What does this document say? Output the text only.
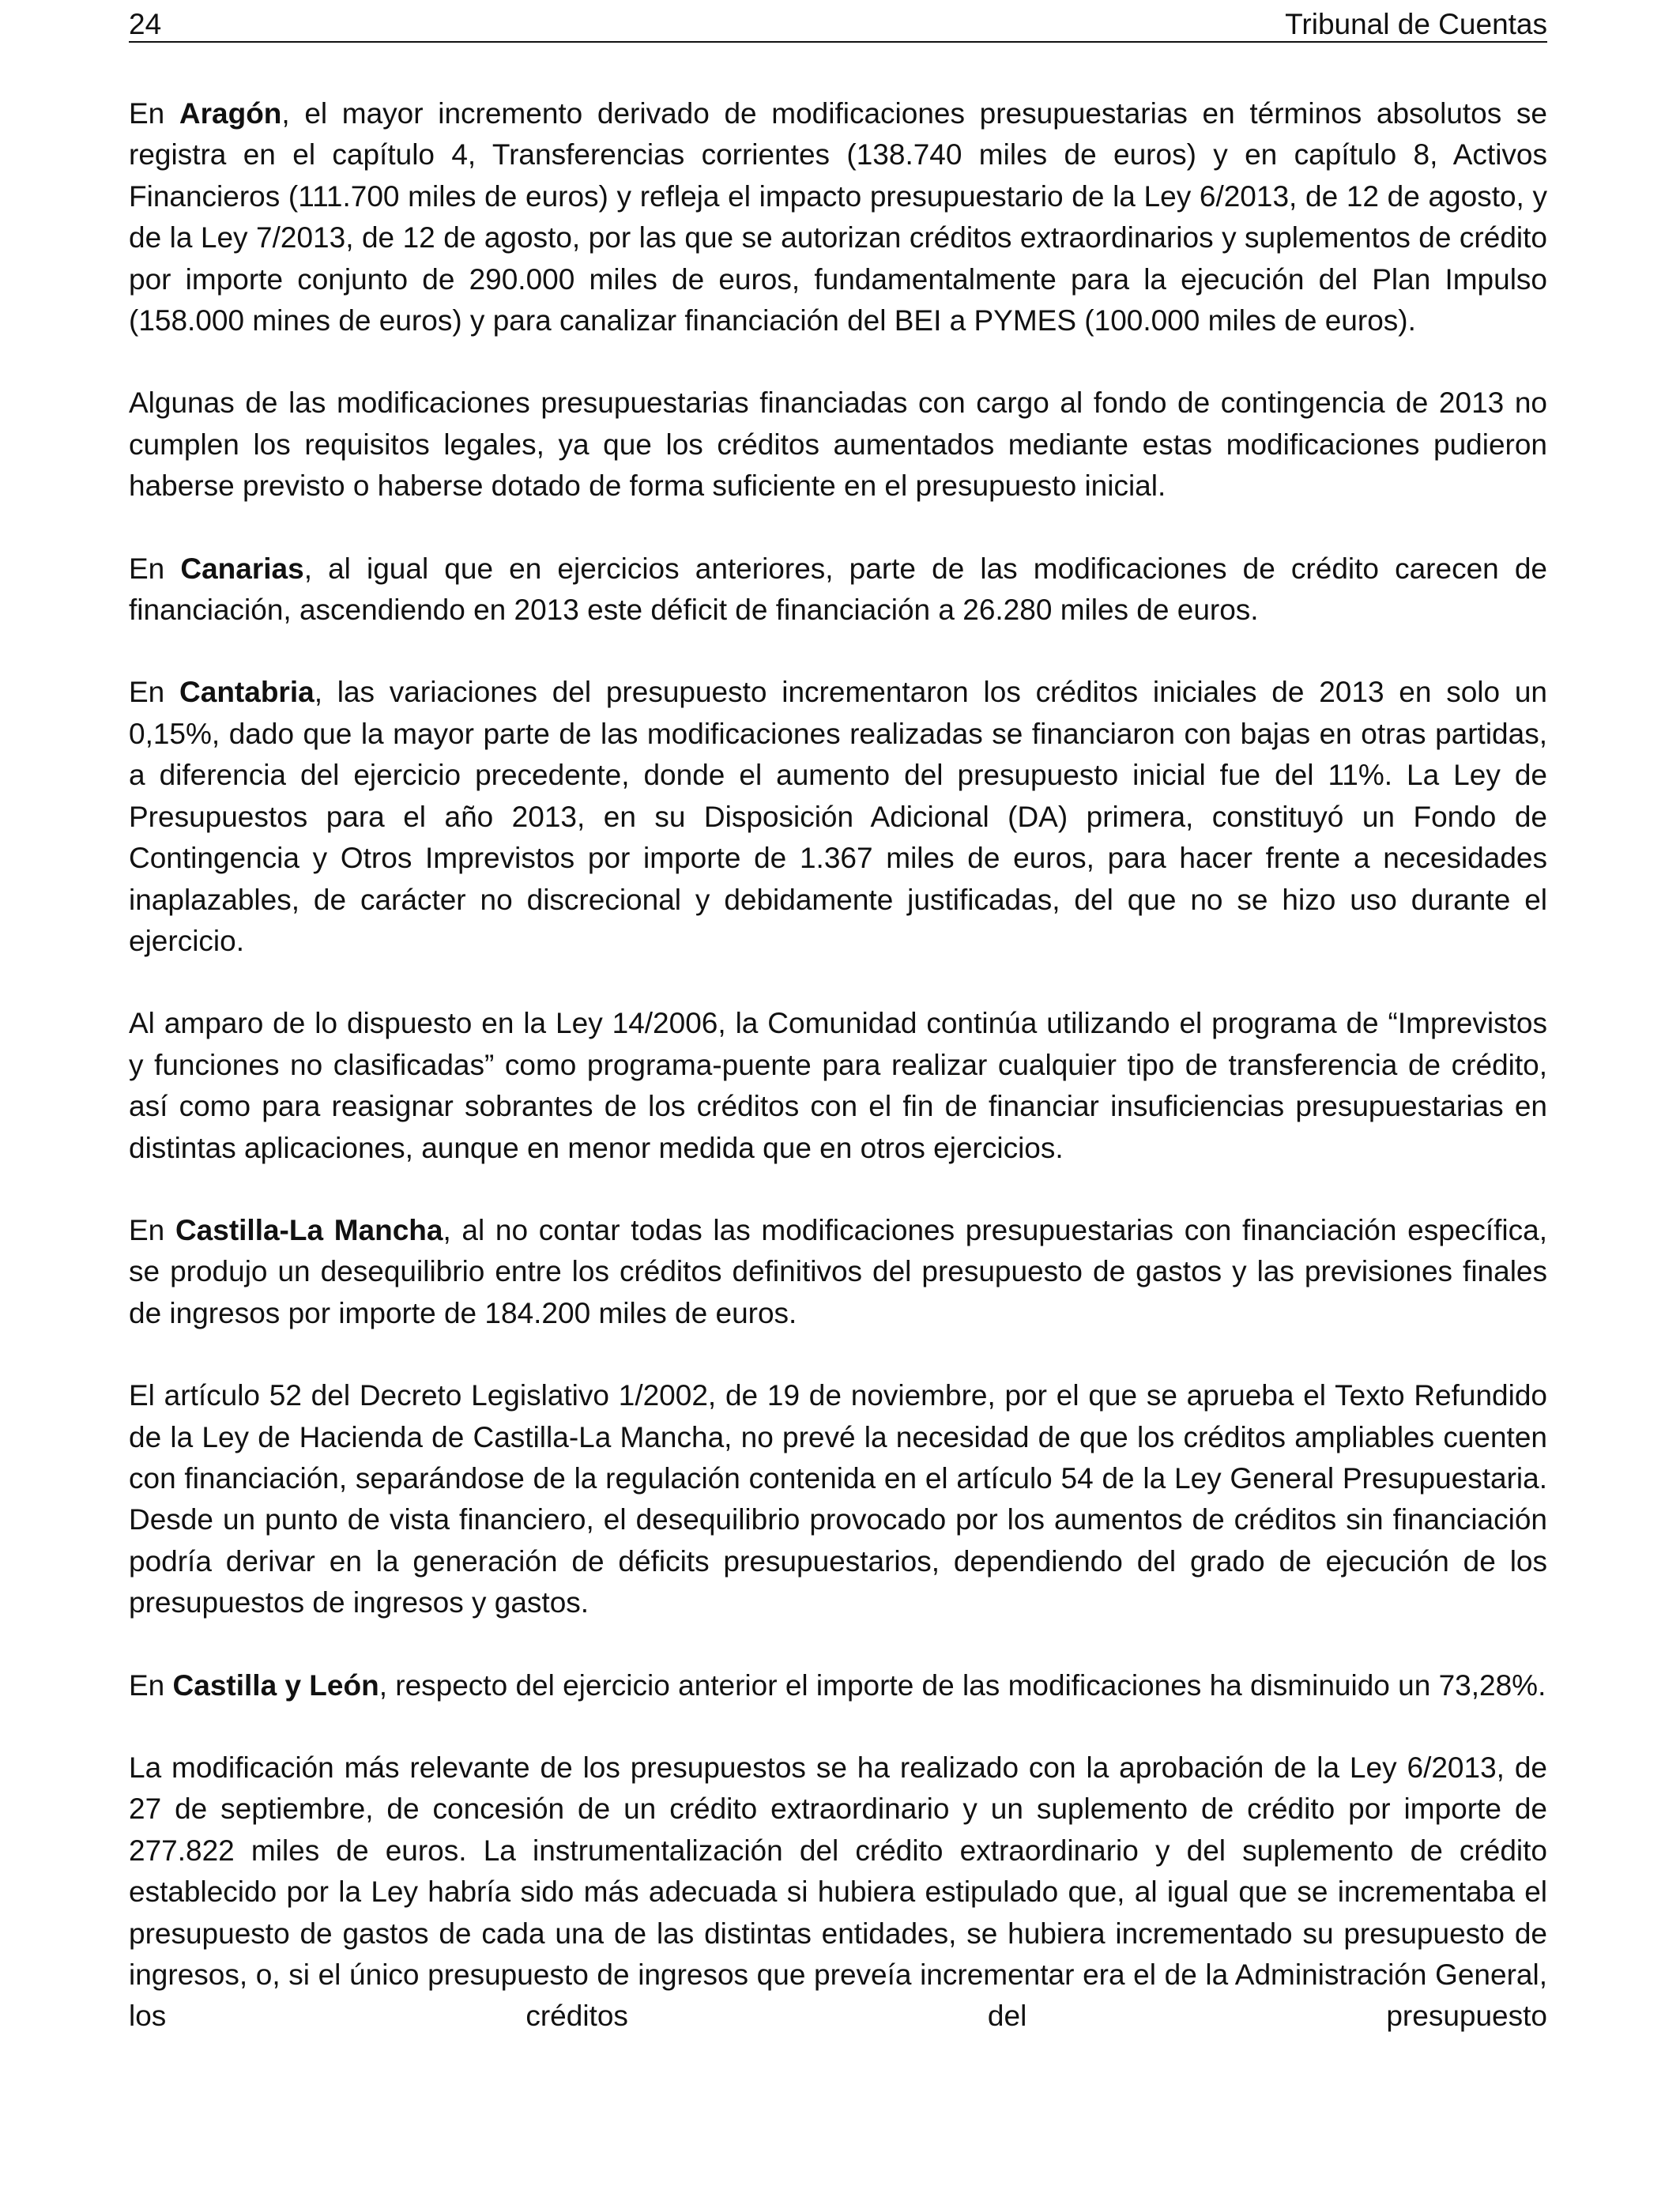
24	Tribunal de Cuentas

En Aragón, el mayor incremento derivado de modificaciones presupuestarias en términos absolutos se registra en el capítulo 4, Transferencias corrientes (138.740 miles de euros) y en capítulo 8, Activos Financieros (111.700 miles de euros) y refleja el impacto presupuestario de la Ley 6/2013, de 12 de agosto, y de la Ley 7/2013, de 12 de agosto, por las que se autorizan créditos extraordinarios y suplementos de crédito por importe conjunto de 290.000 miles de euros, fundamentalmente para la ejecución del Plan Impulso (158.000 mines de euros) y para canalizar financiación del BEI a PYMES (100.000 miles de euros).

Algunas de las modificaciones presupuestarias financiadas con cargo al fondo de contingencia de 2013 no cumplen los requisitos legales, ya que los créditos aumentados mediante estas modificaciones pudieron haberse previsto o haberse dotado de forma suficiente en el presupuesto inicial.

En Canarias, al igual que en ejercicios anteriores, parte de las modificaciones de crédito carecen de financiación, ascendiendo en 2013 este déficit de financiación a 26.280 miles de euros.

En Cantabria, las variaciones del presupuesto incrementaron los créditos iniciales de 2013 en solo un 0,15%, dado que la mayor parte de las modificaciones realizadas se financiaron con bajas en otras partidas, a diferencia del ejercicio precedente, donde el aumento del presupuesto inicial fue del 11%. La Ley de Presupuestos para el año 2013, en su Disposición Adicional (DA) primera, constituyó un Fondo de Contingencia y Otros Imprevistos por importe de 1.367 miles de euros, para hacer frente a necesidades inaplazables, de carácter no discrecional y debidamente justificadas, del que no se hizo uso durante el ejercicio.

Al amparo de lo dispuesto en la Ley 14/2006, la Comunidad continúa utilizando el programa de “Imprevistos y funciones no clasificadas” como programa-puente para realizar cualquier tipo de transferencia de crédito, así como para reasignar sobrantes de los créditos con el fin de financiar insuficiencias presupuestarias en distintas aplicaciones, aunque en menor medida que en otros ejercicios.

En Castilla-La Mancha, al no contar todas las modificaciones presupuestarias con financiación específica, se produjo un desequilibrio entre los créditos definitivos del presupuesto de gastos y las previsiones finales de ingresos por importe de 184.200 miles de euros.

El artículo 52 del Decreto Legislativo 1/2002, de 19 de noviembre, por el que se aprueba el Texto Refundido de la Ley de Hacienda de Castilla-La Mancha, no prevé la necesidad de que los créditos ampliables cuenten con financiación, separándose de la regulación contenida en el artículo 54 de la Ley General Presupuestaria. Desde un punto de vista financiero, el desequilibrio provocado por los aumentos de créditos sin financiación podría derivar en la generación de déficits presupuestarios, dependiendo del grado de ejecución de los presupuestos de ingresos y gastos.

En Castilla y León, respecto del ejercicio anterior el importe de las modificaciones ha disminuido un 73,28%.

La modificación más relevante de los presupuestos se ha realizado con la aprobación de la Ley 6/2013, de 27 de septiembre, de concesión de un crédito extraordinario y un suplemento de crédito por importe de 277.822 miles de euros. La instrumentalización del crédito extraordinario y del suplemento de crédito establecido por la Ley habría sido más adecuada si hubiera estipulado que, al igual que se incrementaba el presupuesto de gastos de cada una de las distintas entidades, se hubiera incrementado su presupuesto de ingresos, o, si el único presupuesto de ingresos que preveía incrementar era el de la Administración General, los créditos del presupuesto
